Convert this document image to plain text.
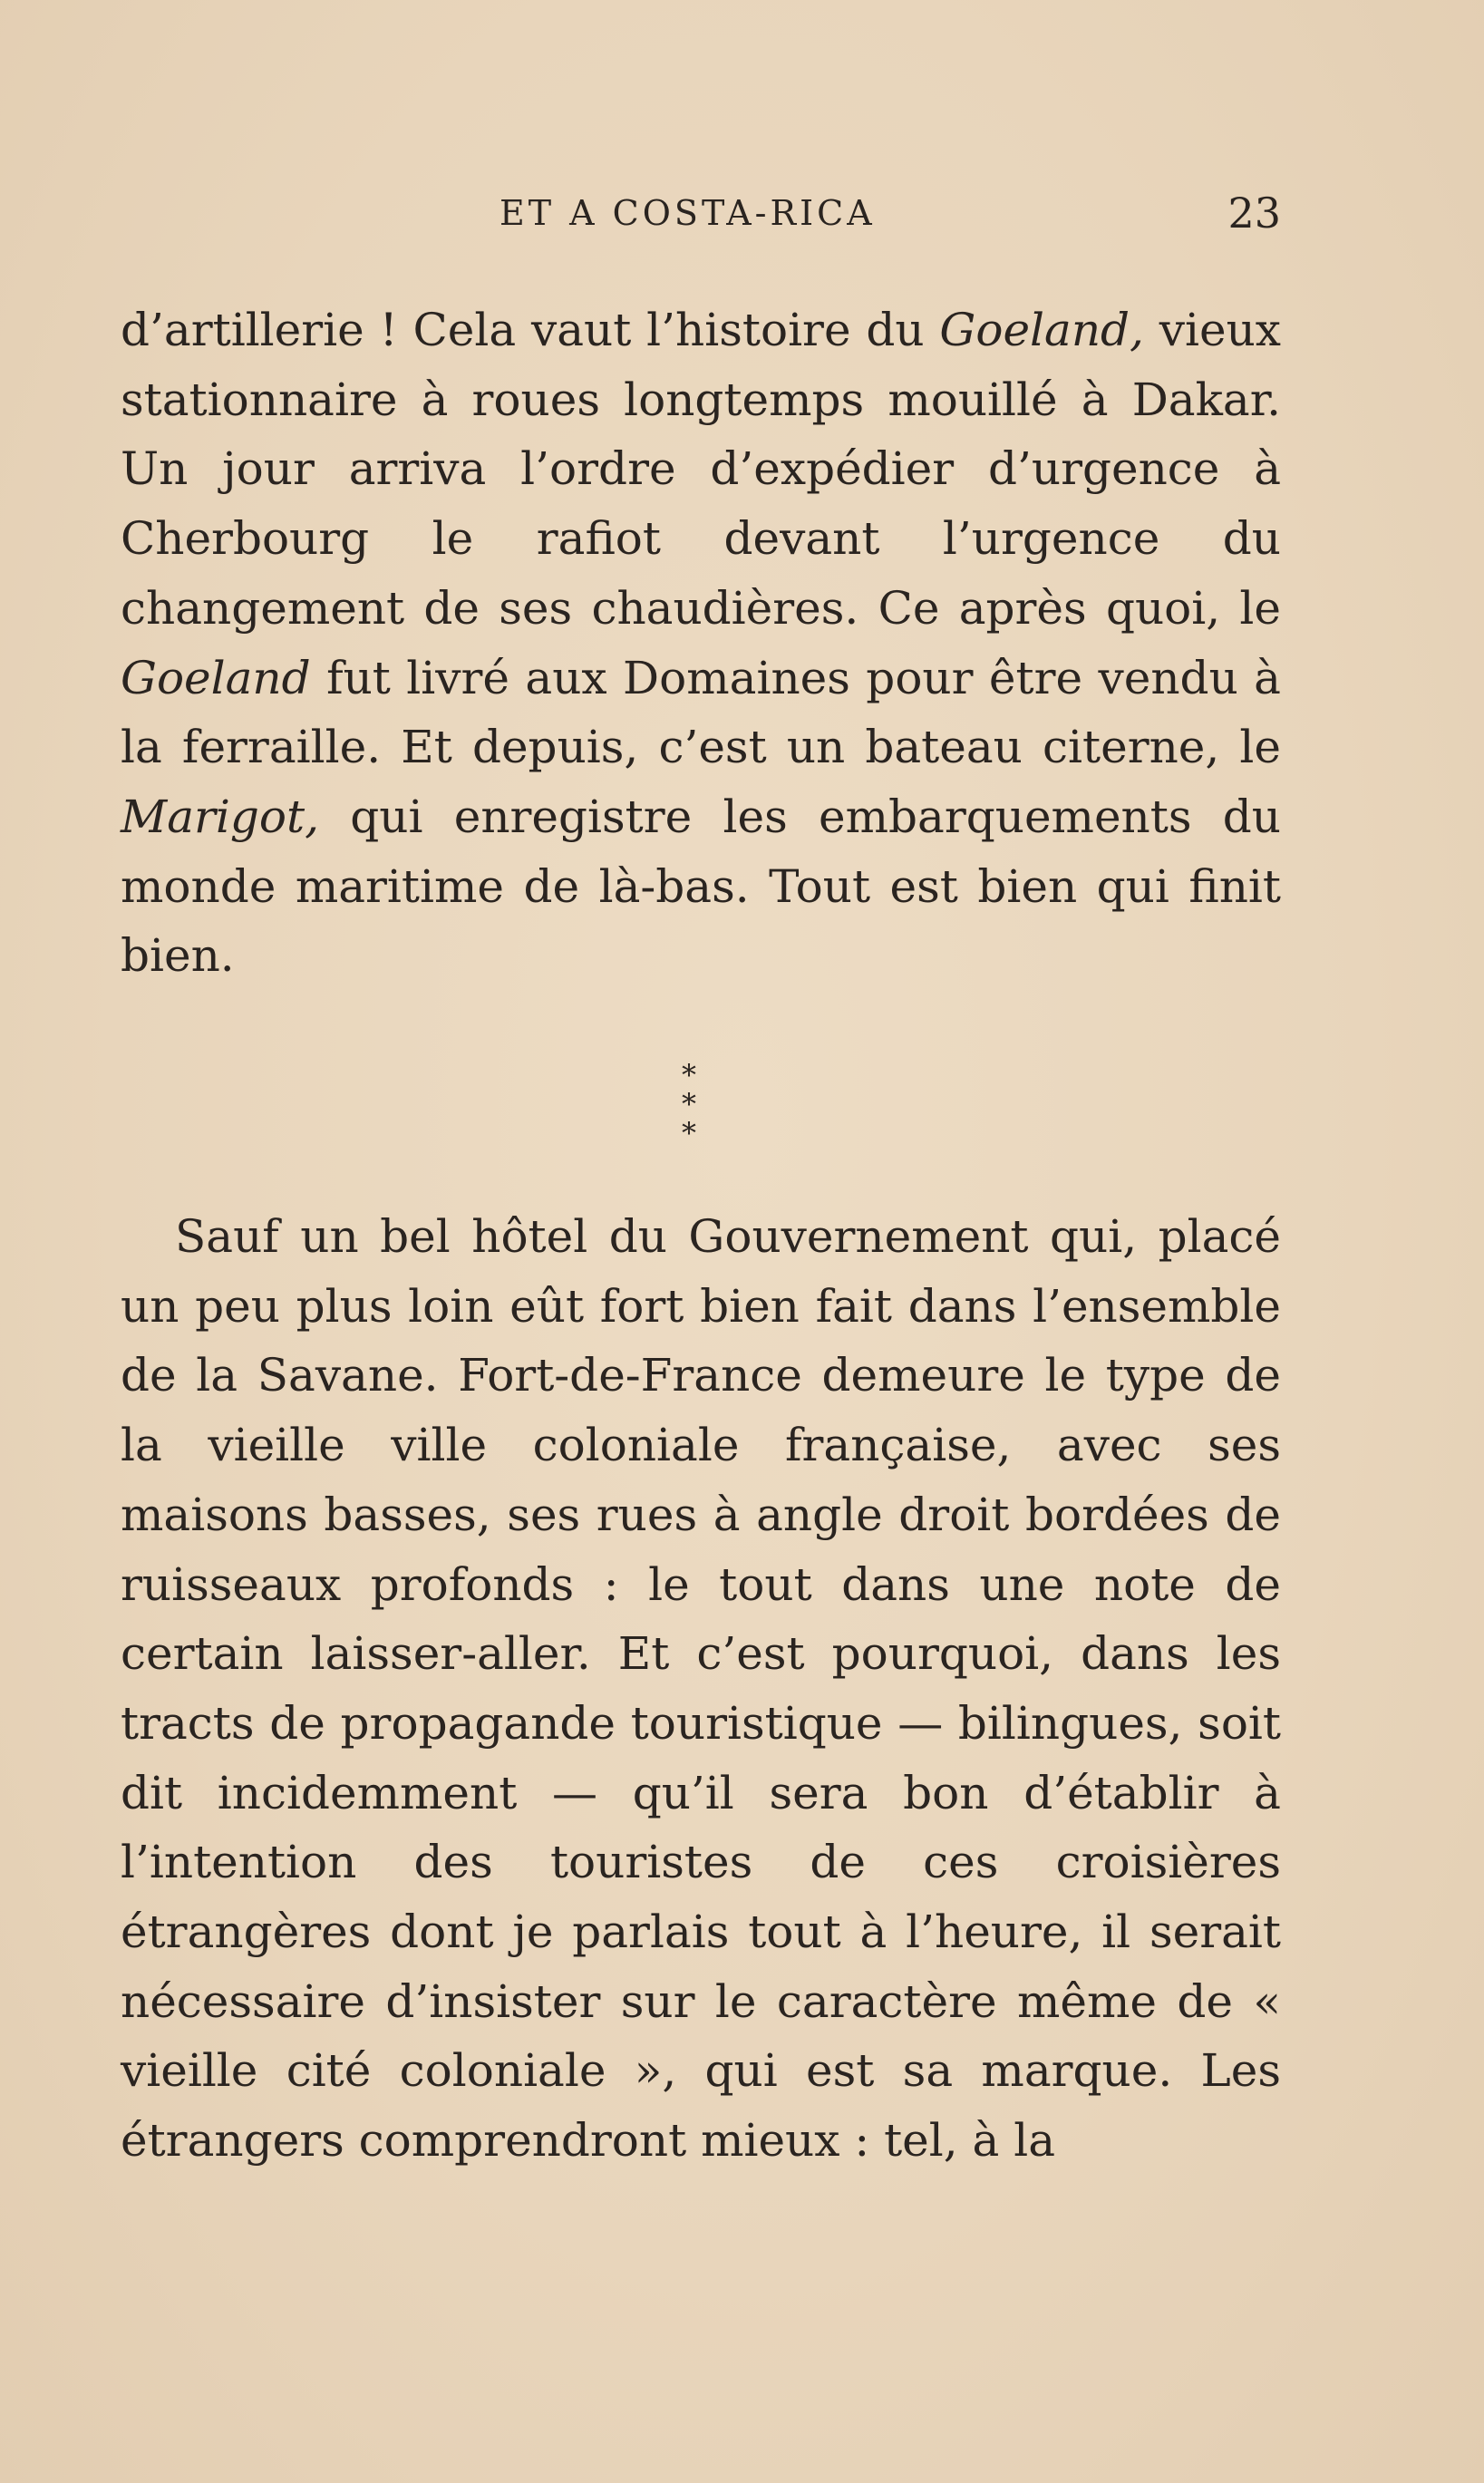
ET A COSTA-RICA	23

d’artillerie ! Cela vaut l’histoire du Goeland, vieux stationnaire à roues longtemps mouillé à Dakar. Un jour arriva l’ordre d’expédier d’urgence à Cherbourg le rafiot devant l’urgence du changement de ses chaudières. Ce après quoi, le Goeland fut livré aux Domaines pour être vendu à la ferraille. Et depuis, c’est un bateau citerne, le Marigot, qui enregistre les embarquements du monde maritime de là-bas. Tout est bien qui finit bien.

*
* *

Sauf un bel hôtel du Gouvernement qui, placé un peu plus loin eût fort bien fait dans l’ensemble de la Savane. Fort-de-France demeure le type de la vieille ville coloniale française, avec ses maisons basses, ses rues à angle droit bordées de ruisseaux profonds : le tout dans une note de certain laisser-aller. Et c’est pourquoi, dans les tracts de propagande touristique — bilingues, soit dit incidemment — qu’il sera bon d’établir à l’intention des touristes de ces croisières étrangères dont je parlais tout à l’heure, il serait nécessaire d’insister sur le caractère même de « vieille cité coloniale », qui est sa marque. Les étrangers comprendront mieux : tel, à la
